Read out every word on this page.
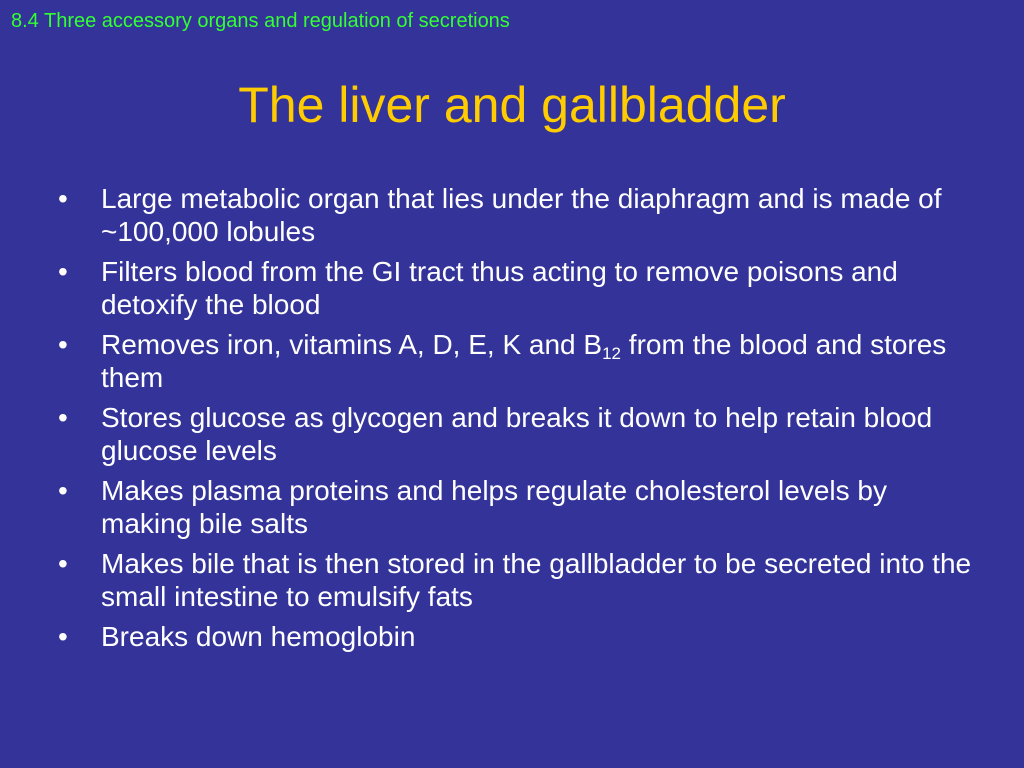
8.4 Three accessory organs and regulation of secretions
The liver and gallbladder
•	Large metabolic organ that lies under the diaphragm and is made of ~100,000 lobules
•	Filters blood from the GI tract thus acting to remove poisons and detoxify the blood
•	Removes iron, vitamins A, D, E, K and $B_{12}$ from the blood and stores them
•	Stores glucose as glycogen and breaks it down to help retain blood glucose levels
•	Makes plasma proteins and helps regulate cholesterol levels by making bile salts
•	Makes bile that is then stored in the gallbladder to be secreted into the small intestine to emulsify fats
•	Breaks down hemoglobin
